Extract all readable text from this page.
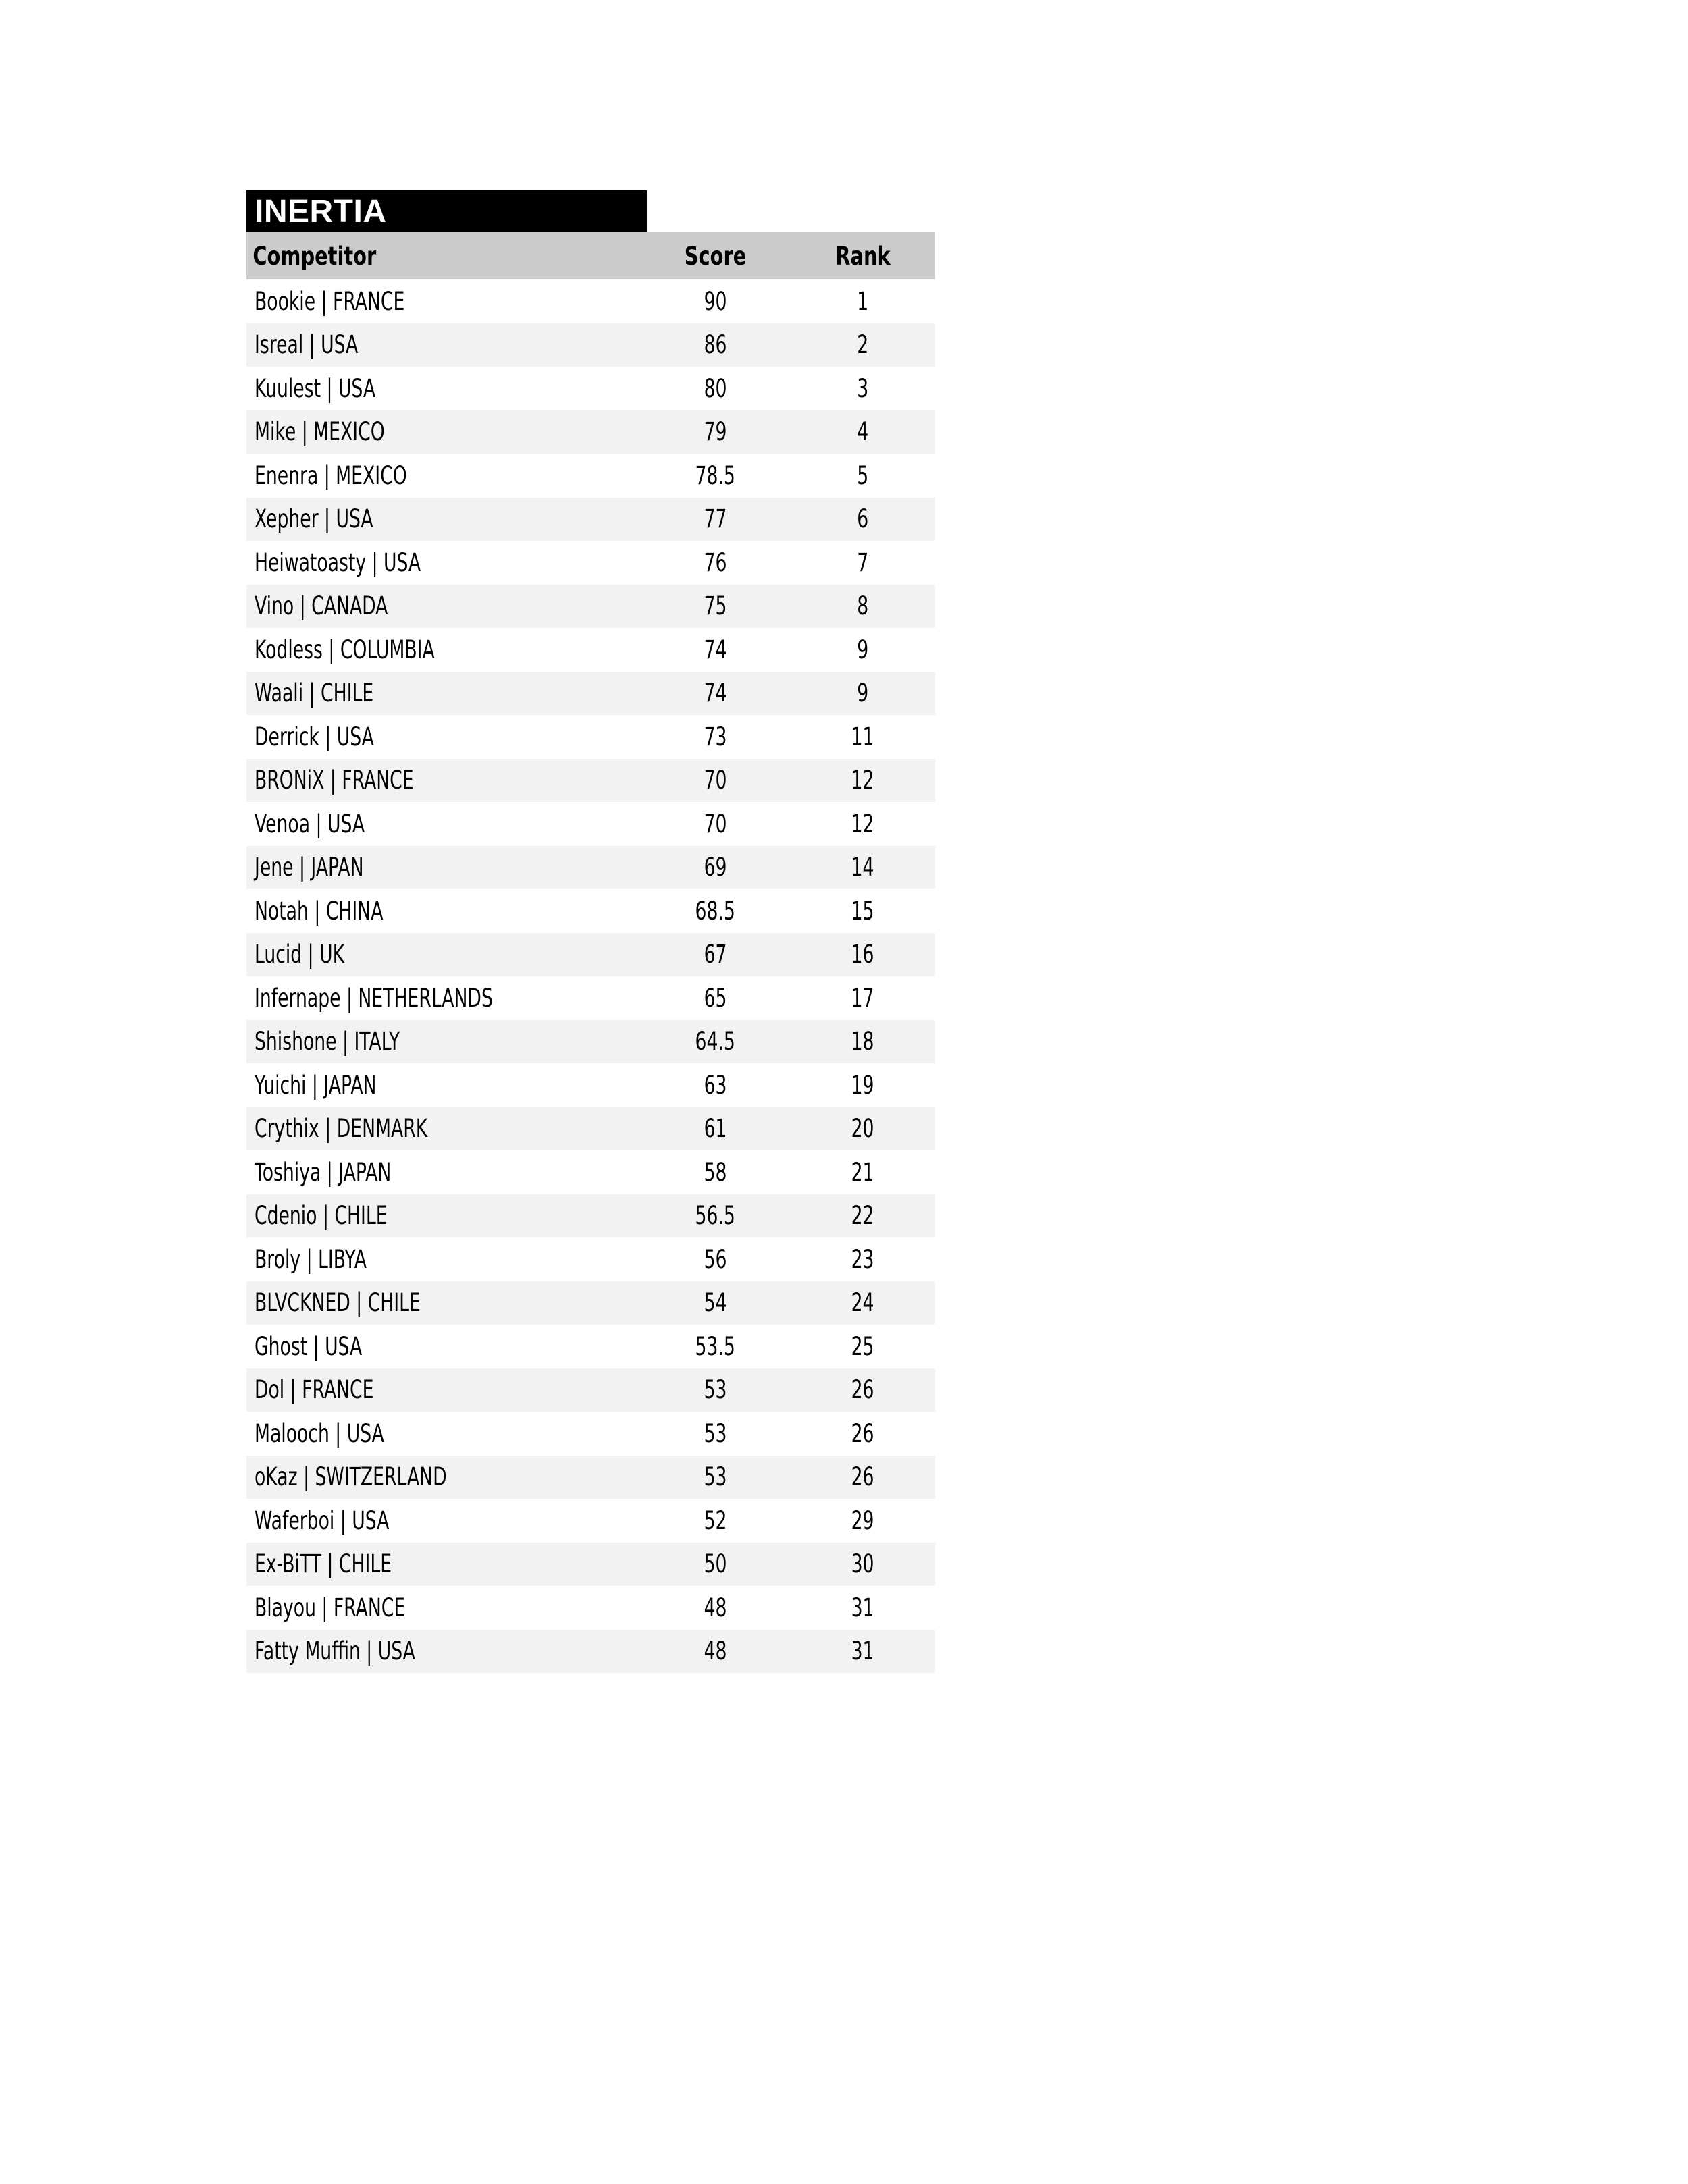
INERTIA
Competitor	Score	Rank
Bookie | FRANCE	90	1
Isreal | USA	86	2
Kuulest | USA	80	3
Mike | MEXICO	79	4
Enenra | MEXICO	78.5	5
Xepher | USA	77	6
Heiwatoasty | USA	76	7
Vino | CANADA	75	8
Kodless | COLUMBIA	74	9
Waali | CHILE	74	9
Derrick | USA	73	11
BRONiX | FRANCE	70	12
Venoa | USA	70	12
Jene | JAPAN	69	14
Notah | CHINA	68.5	15
Lucid | UK	67	16
Infernape | NETHERLANDS	65	17
Shishone | ITALY	64.5	18
Yuichi | JAPAN	63	19
Crythix | DENMARK	61	20
Toshiya | JAPAN	58	21
Cdenio | CHILE	56.5	22
Broly | LIBYA	56	23
BLVCKNED | CHILE	54	24
Ghost | USA	53.5	25
Dol | FRANCE	53	26
Malooch | USA	53	26
oKaz | SWITZERLAND	53	26
Waferboi | USA	52	29
Ex-BiTT | CHILE	50	30
Blayou | FRANCE	48	31
Fatty Muffin | USA	48	31
